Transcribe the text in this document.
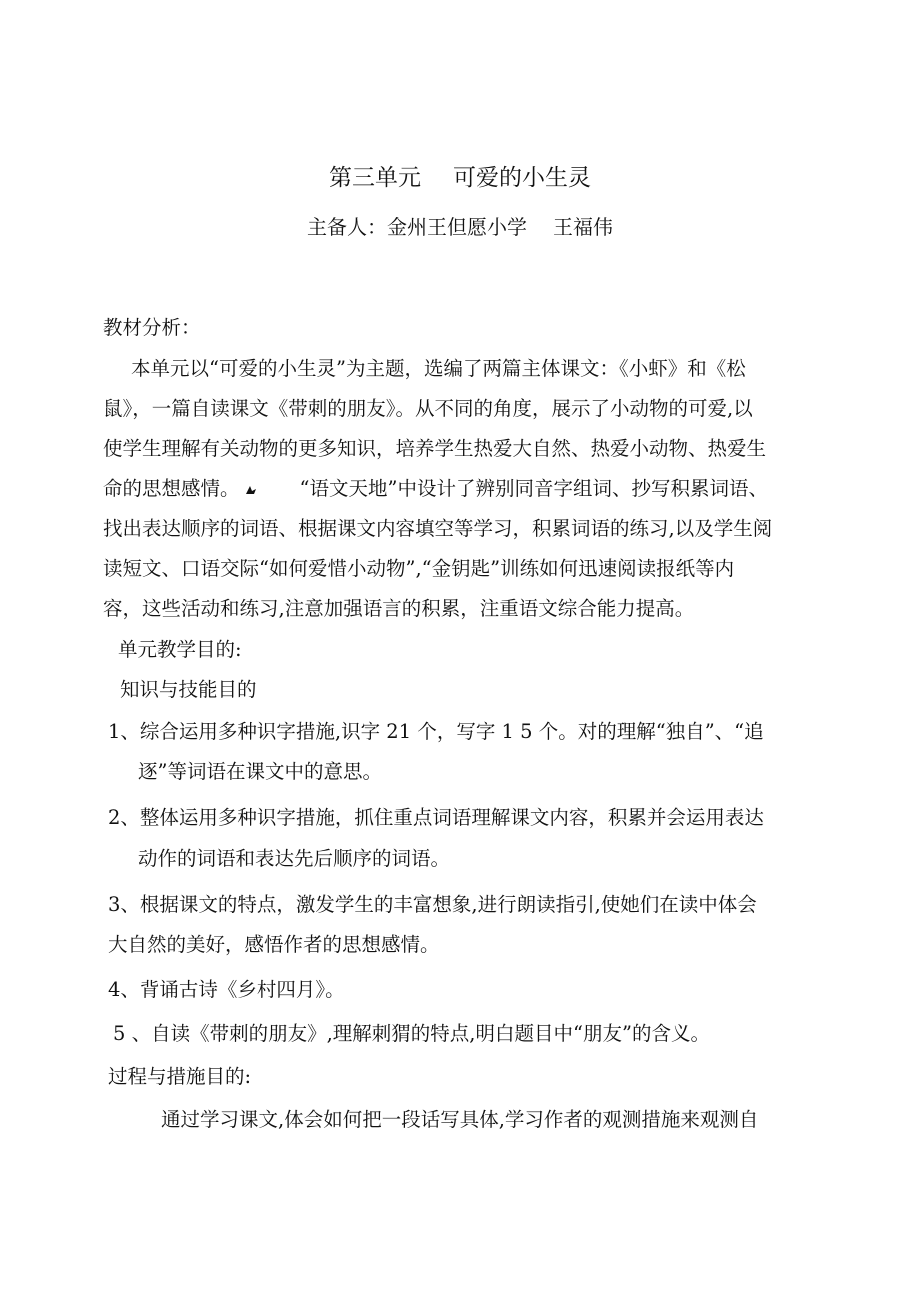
第三单元 可爱的小生灵
主备人：金州王但愿小学 王福伟
教材分析：
本单元以“可爱的小生灵”为主题，选编了两篇主体课文：《小虾》和《松
鼠》，一篇自读课文《带刺的朋友》。从不同的角度，展示了小动物的可爱,以
使学生理解有关动物的更多知识，培养学生热爱大自然、热爱小动物、热爱生
命的思想感情。	“语文天地”中设计了辨别同音字组词、抄写积累词语、
找出表达顺序的词语、根据课文内容填空等学习，积累词语的练习,以及学生阅
读短文、口语交际“如何爱惜小动物”,“金钥匙”训练如何迅速阅读报纸等内
容，这些活动和练习,注意加强语言的积累，注重语文综合能力提高。
单元教学目的:
知识与技能目的
1、综合运用多种识字措施,识字 21 个，写字 1 5 个。对的理解“独自”、“追
逐”等词语在课文中的意思。
2、整体运用多种识字措施，抓住重点词语理解课文内容，积累并会运用表达
动作的词语和表达先后顺序的词语。
3、根据课文的特点，激发学生的丰富想象,进行朗读指引,使她们在读中体会
大自然的美好，感悟作者的思想感情。
4、背诵古诗《乡村四月》。
5 、自读《带刺的朋友》,理解刺猬的特点,明白题目中“朋友”的含义。
过程与措施目的:
通过学习课文,体会如何把一段话写具体,学习作者的观测措施来观测自
